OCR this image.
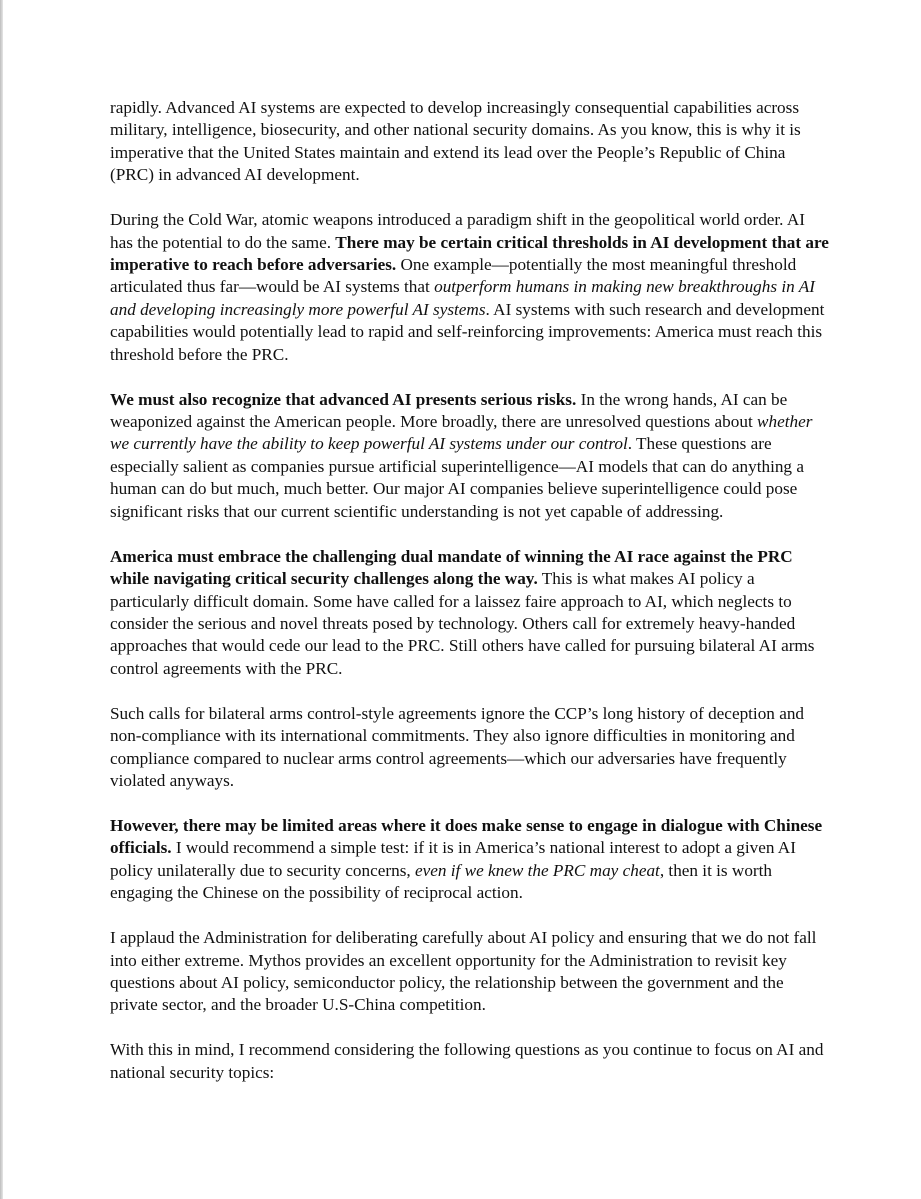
rapidly. Advanced AI systems are expected to develop increasingly consequential capabilities across military, intelligence, biosecurity, and other national security domains. As you know, this is why it is imperative that the United States maintain and extend its lead over the People’s Republic of China (PRC) in advanced AI development.

During the Cold War, atomic weapons introduced a paradigm shift in the geopolitical world order. AI has the potential to do the same. There may be certain critical thresholds in AI development that are imperative to reach before adversaries. One example—potentially the most meaningful threshold articulated thus far—would be AI systems that outperform humans in making new breakthroughs in AI and developing increasingly more powerful AI systems. AI systems with such research and development capabilities would potentially lead to rapid and self-reinforcing improvements: America must reach this threshold before the PRC.

We must also recognize that advanced AI presents serious risks. In the wrong hands, AI can be weaponized against the American people. More broadly, there are unresolved questions about whether we currently have the ability to keep powerful AI systems under our control. These questions are especially salient as companies pursue artificial superintelligence—AI models that can do anything a human can do but much, much better. Our major AI companies believe superintelligence could pose significant risks that our current scientific understanding is not yet capable of addressing.

America must embrace the challenging dual mandate of winning the AI race against the PRC while navigating critical security challenges along the way. This is what makes AI policy a particularly difficult domain. Some have called for a laissez faire approach to AI, which neglects to consider the serious and novel threats posed by technology. Others call for extremely heavy-handed approaches that would cede our lead to the PRC. Still others have called for pursuing bilateral AI arms control agreements with the PRC.

Such calls for bilateral arms control-style agreements ignore the CCP’s long history of deception and non-compliance with its international commitments. They also ignore difficulties in monitoring and compliance compared to nuclear arms control agreements—which our adversaries have frequently violated anyways.

However, there may be limited areas where it does make sense to engage in dialogue with Chinese officials. I would recommend a simple test: if it is in America’s national interest to adopt a given AI policy unilaterally due to security concerns, even if we knew the PRC may cheat, then it is worth engaging the Chinese on the possibility of reciprocal action.

I applaud the Administration for deliberating carefully about AI policy and ensuring that we do not fall into either extreme. Mythos provides an excellent opportunity for the Administration to revisit key questions about AI policy, semiconductor policy, the relationship between the government and the private sector, and the broader U.S-China competition.

With this in mind, I recommend considering the following questions as you continue to focus on AI and national security topics:
